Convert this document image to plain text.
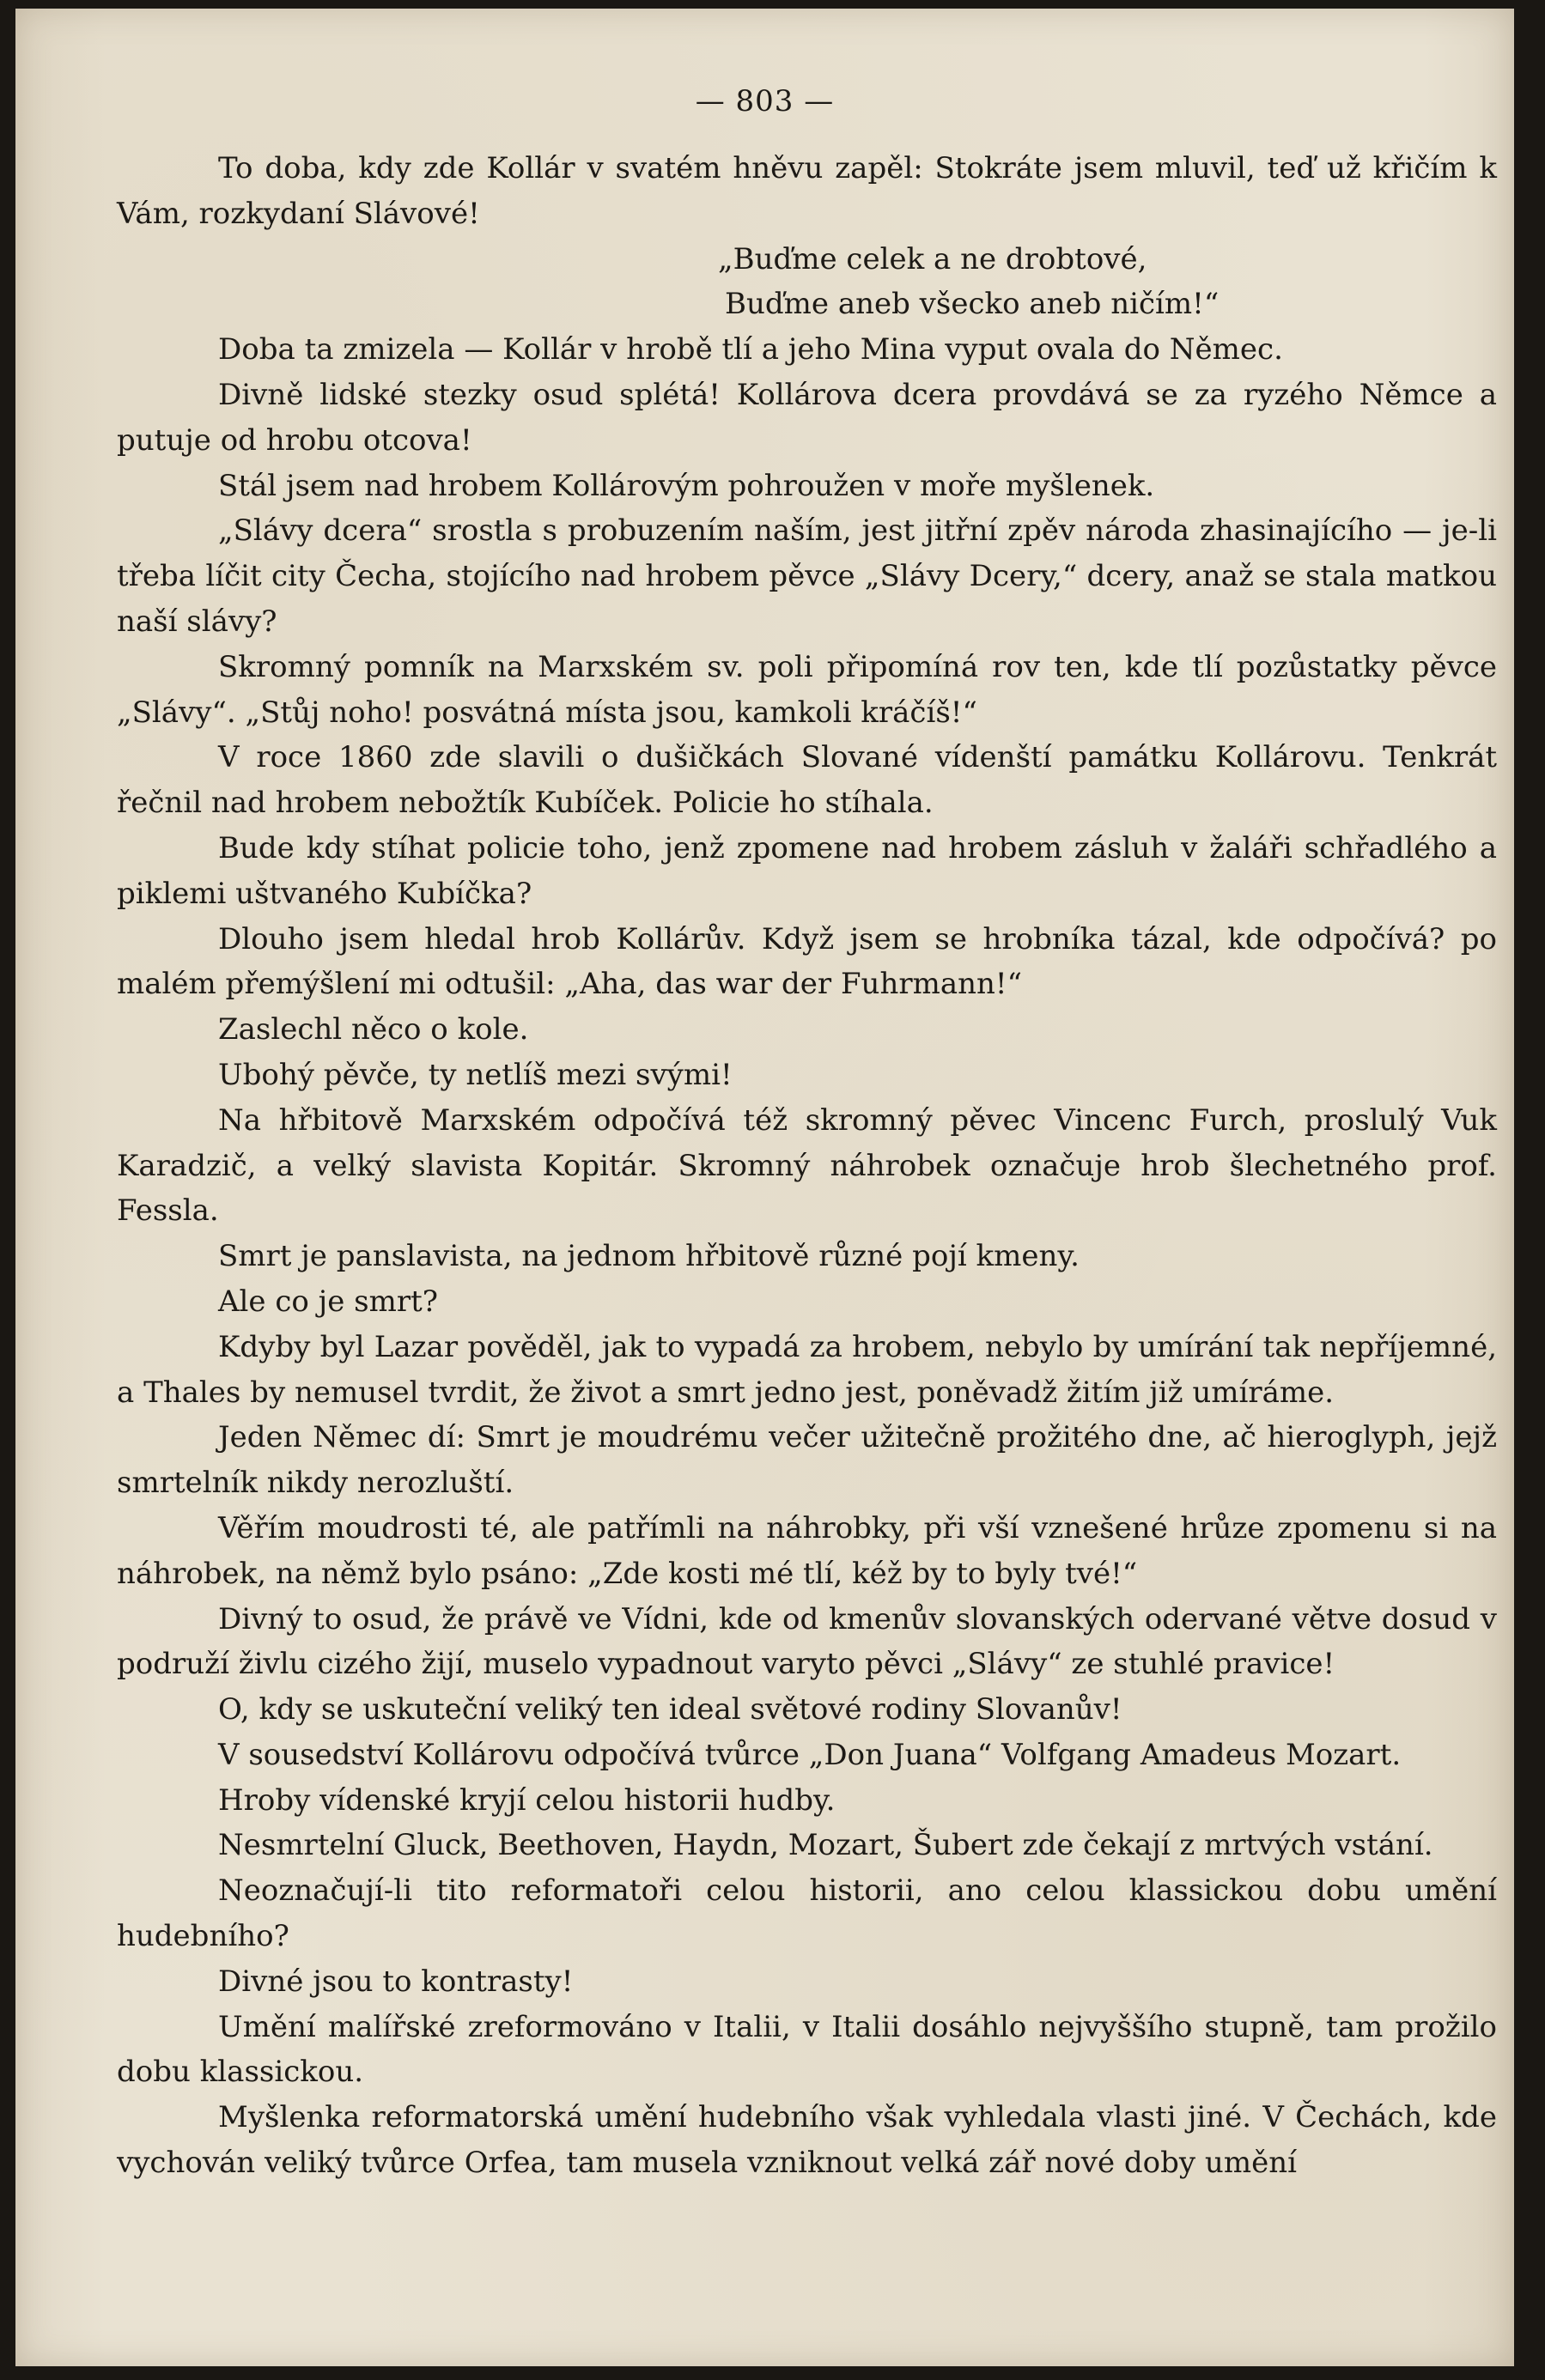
— 803 —

To doba, kdy zde Kollár v svatém hněvu zapěl: Stokráte jsem mluvil, teď už křičím k Vám, rozkydaní Slávové!

„Buďme celek a ne drobtové,
Buďme aneb všecko aneb ničím!“

Doba ta zmizela — Kollár v hrobě tlí a jeho Mina vyput ovala do Němec.

Divně lidské stezky osud splétá! Kollárova dcera provdává se za ryzého Němce a putuje od hrobu otcova!

Stál jsem nad hrobem Kollárovým pohroužen v moře myšlenek.

„Slávy dcera“ srostla s probuzením naším, jest jitřní zpěv národa zhasinajícího — je-li třeba líčit city Čecha, stojícího nad hrobem pěvce „Slávy Dcery,“ dcery, anaž se stala matkou naší slávy?

Skromný pomník na Marxském sv. poli připomíná rov ten, kde tlí pozůstatky pěvce „Slávy“. „Stůj noho! posvátná místa jsou, kamkoli kráčíš!“

V roce 1860 zde slavili o dušičkách Slované vídenští památku Kollárovu. Tenkrát řečnil nad hrobem nebožtík Kubíček. Policie ho stíhala.

Bude kdy stíhat policie toho, jenž zpomene nad hrobem zásluh v žaláři schřadlého a piklemi uštvaného Kubíčka?

Dlouho jsem hledal hrob Kollárův. Když jsem se hrobníka tázal, kde odpočívá? po malém přemýšlení mi odtušil: „Aha, das war der Fuhrmann!“

Zaslechl něco o kole.

Ubohý pěvče, ty netlíš mezi svými!

Na hřbitově Marxském odpočívá též skromný pěvec Vincenc Furch, proslulý Vuk Karadzič, a velký slavista Kopitár. Skromný náhrobek označuje hrob šlechetného prof. Fessla.

Smrt je panslavista, na jednom hřbitově různé pojí kmeny.

Ale co je smrt?

Kdyby byl Lazar pověděl, jak to vypadá za hrobem, nebylo by umírání tak nepříjemné, a Thales by nemusel tvrdit, že život a smrt jedno jest, poněvadž žitím již umíráme.

Jeden Němec dí: Smrt je moudrému večer užitečně prožitého dne, ač hieroglyph, jejž smrtelník nikdy nerozluští.

Věřím moudrosti té, ale patřímli na náhrobky, při vší vznešené hrůze zpomenu si na náhrobek, na němž bylo psáno: „Zde kosti mé tlí, kéž by to byly tvé!“

Divný to osud, že právě ve Vídni, kde od kmenův slovanských odervané větve dosud v podruží živlu cizého žijí, muselo vypadnout varyto pěvci „Slávy“ ze stuhlé pravice!

O, kdy se uskuteční veliký ten ideal světové rodiny Slovanův!

V sousedství Kollárovu odpočívá tvůrce „Don Juana“ Volfgang Amadeus Mozart.

Hroby vídenské kryjí celou historii hudby.

Nesmrtelní Gluck, Beethoven, Haydn, Mozart, Šubert zde čekají z mrtvých vstání.

Neoznačují-li tito reformatoři celou historii, ano celou klassickou dobu umění hudebního?

Divné jsou to kontrasty!

Umění malířské zreformováno v Italii, v Italii dosáhlo nejvyššího stupně, tam prožilo dobu klassickou.

Myšlenka reformatorská umění hudebního však vyhledala vlasti jiné. V Čechách, kde vychován veliký tvůrce Orfea, tam musela vzniknout velká zář nové doby umění
